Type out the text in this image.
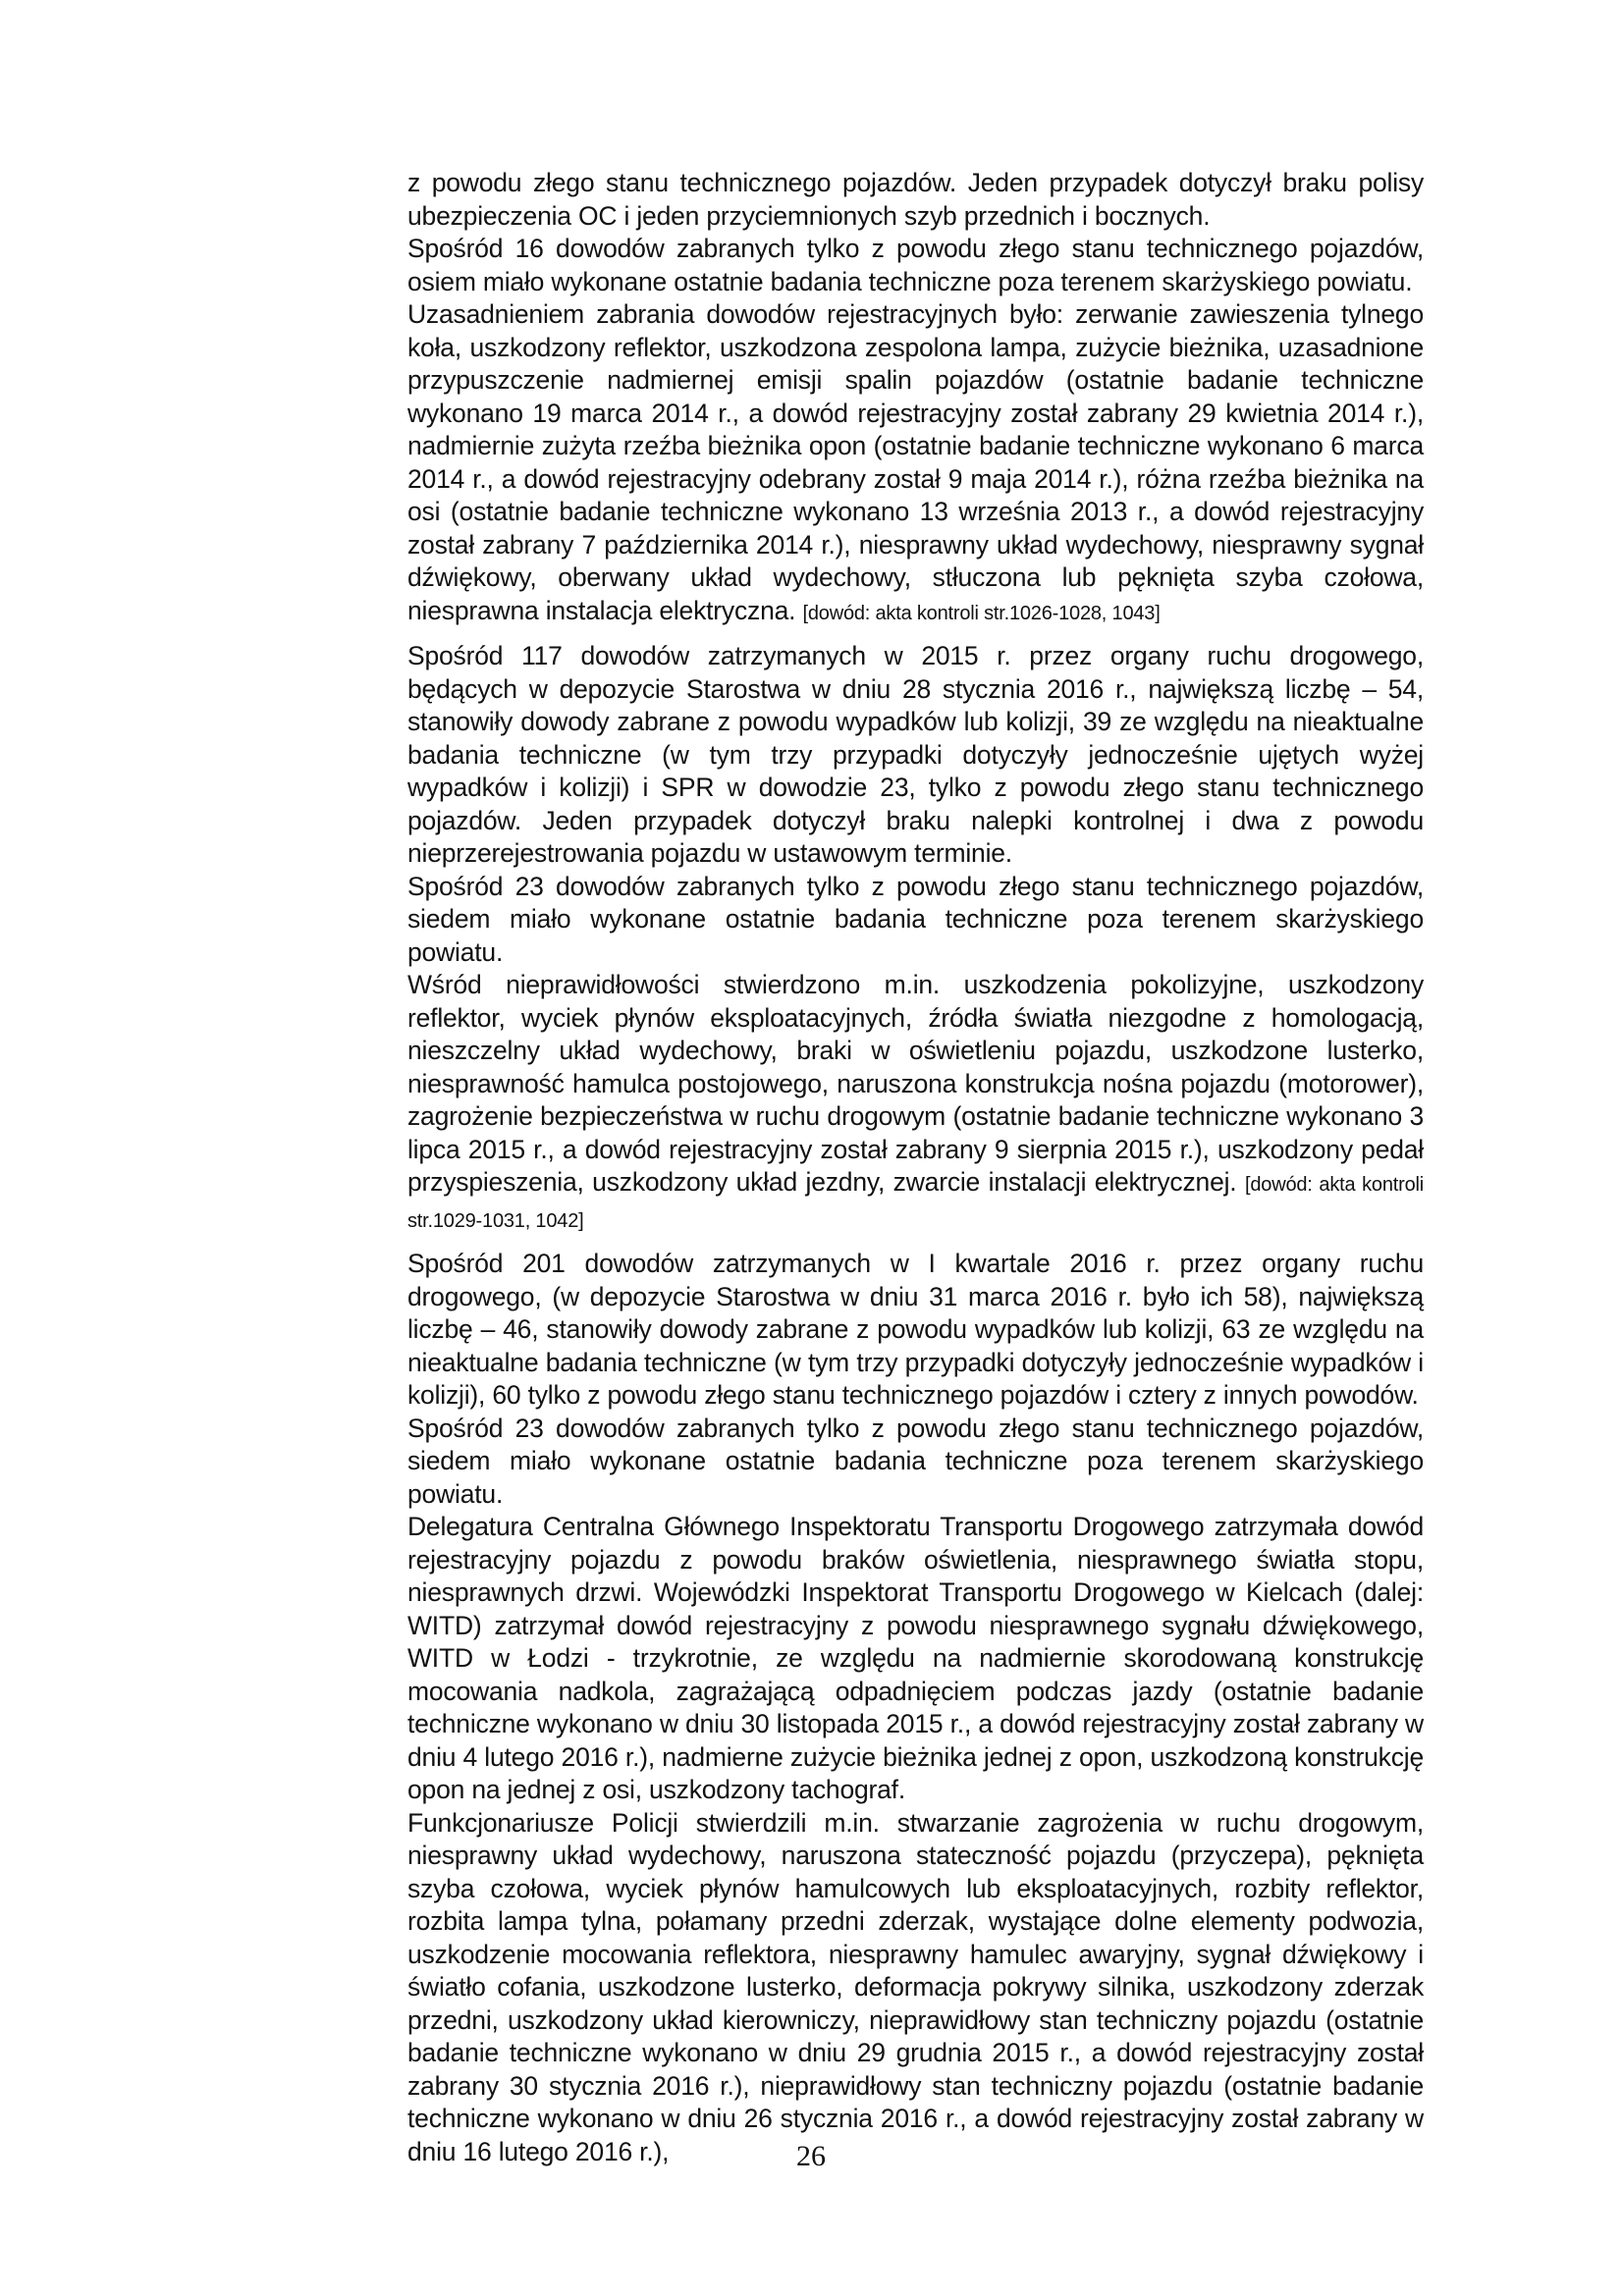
z powodu złego stanu technicznego pojazdów. Jeden przypadek dotyczył braku polisy ubezpieczenia OC i jeden przyciemnionych szyb przednich i bocznych.

Spośród 16 dowodów zabranych tylko z powodu złego stanu technicznego pojazdów, osiem miało wykonane ostatnie badania techniczne poza terenem skarżyskiego powiatu.

Uzasadnieniem zabrania dowodów rejestracyjnych było: zerwanie zawieszenia tylnego koła, uszkodzony reflektor, uszkodzona zespolona lampa, zużycie bieżnika, uzasadnione przypuszczenie nadmiernej emisji spalin pojazdów (ostatnie badanie techniczne wykonano 19 marca 2014 r., a dowód rejestracyjny został zabrany 29 kwietnia 2014 r.), nadmiernie zużyta rzeźba bieżnika opon (ostatnie badanie techniczne wykonano 6 marca 2014 r., a dowód rejestracyjny odebrany został 9 maja 2014 r.), różna rzeźba bieżnika na osi (ostatnie badanie techniczne wykonano 13 września 2013 r., a dowód rejestracyjny został zabrany 7 października 2014 r.), niesprawny układ wydechowy, niesprawny sygnał dźwiękowy, oberwany układ wydechowy, stłuczona lub pęknięta szyba czołowa, niesprawna instalacja elektryczna. [dowód: akta kontroli str.1026-1028, 1043]

Spośród 117 dowodów zatrzymanych w 2015 r. przez organy ruchu drogowego, będących w depozycie Starostwa w dniu 28 stycznia 2016 r., największą liczbę – 54, stanowiły dowody zabrane z powodu wypadków lub kolizji, 39 ze względu na nieaktualne badania techniczne (w tym trzy przypadki dotyczyły jednocześnie ujętych wyżej wypadków i kolizji) i SPR w dowodzie 23, tylko z powodu złego stanu technicznego pojazdów. Jeden przypadek dotyczył braku nalepki kontrolnej i dwa z powodu nieprzerejestrowania pojazdu w ustawowym terminie.

Spośród 23 dowodów zabranych tylko z powodu złego stanu technicznego pojazdów, siedem miało wykonane ostatnie badania techniczne poza terenem skarżyskiego powiatu.

Wśród nieprawidłowości stwierdzono m.in. uszkodzenia pokolizyjne, uszkodzony reflektor, wyciek płynów eksploatacyjnych, źródła światła niezgodne z homologacją, nieszczelny układ wydechowy, braki w oświetleniu pojazdu, uszkodzone lusterko, niesprawność hamulca postojowego, naruszona konstrukcja nośna pojazdu (motorower), zagrożenie bezpieczeństwa w ruchu drogowym (ostatnie badanie techniczne wykonano 3 lipca 2015 r., a dowód rejestracyjny został zabrany 9 sierpnia 2015 r.), uszkodzony pedał przyspieszenia, uszkodzony układ jezdny, zwarcie instalacji elektrycznej. [dowód: akta kontroli str.1029-1031, 1042]

Spośród 201 dowodów zatrzymanych w I kwartale 2016 r. przez organy ruchu drogowego, (w depozycie Starostwa w dniu 31 marca 2016 r. było ich 58), największą liczbę – 46, stanowiły dowody zabrane z powodu wypadków lub kolizji, 63 ze względu na nieaktualne badania techniczne (w tym trzy przypadki dotyczyły jednocześnie wypadków i kolizji), 60 tylko z powodu złego stanu technicznego pojazdów i cztery z innych powodów.

Spośród 23 dowodów zabranych tylko z powodu złego stanu technicznego pojazdów, siedem miało wykonane ostatnie badania techniczne poza terenem skarżyskiego powiatu.

Delegatura Centralna Głównego Inspektoratu Transportu Drogowego zatrzymała dowód rejestracyjny pojazdu z powodu braków oświetlenia, niesprawnego światła stopu, niesprawnych drzwi. Wojewódzki Inspektorat Transportu Drogowego w Kielcach (dalej: WITD) zatrzymał dowód rejestracyjny z powodu niesprawnego sygnału dźwiękowego, WITD w Łodzi - trzykrotnie, ze względu na nadmiernie skorodowaną konstrukcję mocowania nadkola, zagrażającą odpadnięciem podczas jazdy (ostatnie badanie techniczne wykonano w dniu 30 listopada 2015 r., a dowód rejestracyjny został zabrany w dniu 4 lutego 2016 r.), nadmierne zużycie bieżnika jednej z opon, uszkodzoną konstrukcję opon na jednej z osi, uszkodzony tachograf.

Funkcjonariusze Policji stwierdzili m.in. stwarzanie zagrożenia w ruchu drogowym, niesprawny układ wydechowy, naruszona stateczność pojazdu (przyczepa), pęknięta szyba czołowa, wyciek płynów hamulcowych lub eksploatacyjnych, rozbity reflektor, rozbita lampa tylna, połamany przedni zderzak, wystające dolne elementy podwozia, uszkodzenie mocowania reflektora, niesprawny hamulec awaryjny, sygnał dźwiękowy i światło cofania, uszkodzone lusterko, deformacja pokrywy silnika, uszkodzony zderzak przedni, uszkodzony układ kierowniczy, nieprawidłowy stan techniczny pojazdu (ostatnie badanie techniczne wykonano w dniu 29 grudnia 2015 r., a dowód rejestracyjny został zabrany 30 stycznia 2016 r.), nieprawidłowy stan techniczny pojazdu (ostatnie badanie techniczne wykonano w dniu 26 stycznia 2016 r., a dowód rejestracyjny został zabrany w dniu 16 lutego 2016 r.),	26
